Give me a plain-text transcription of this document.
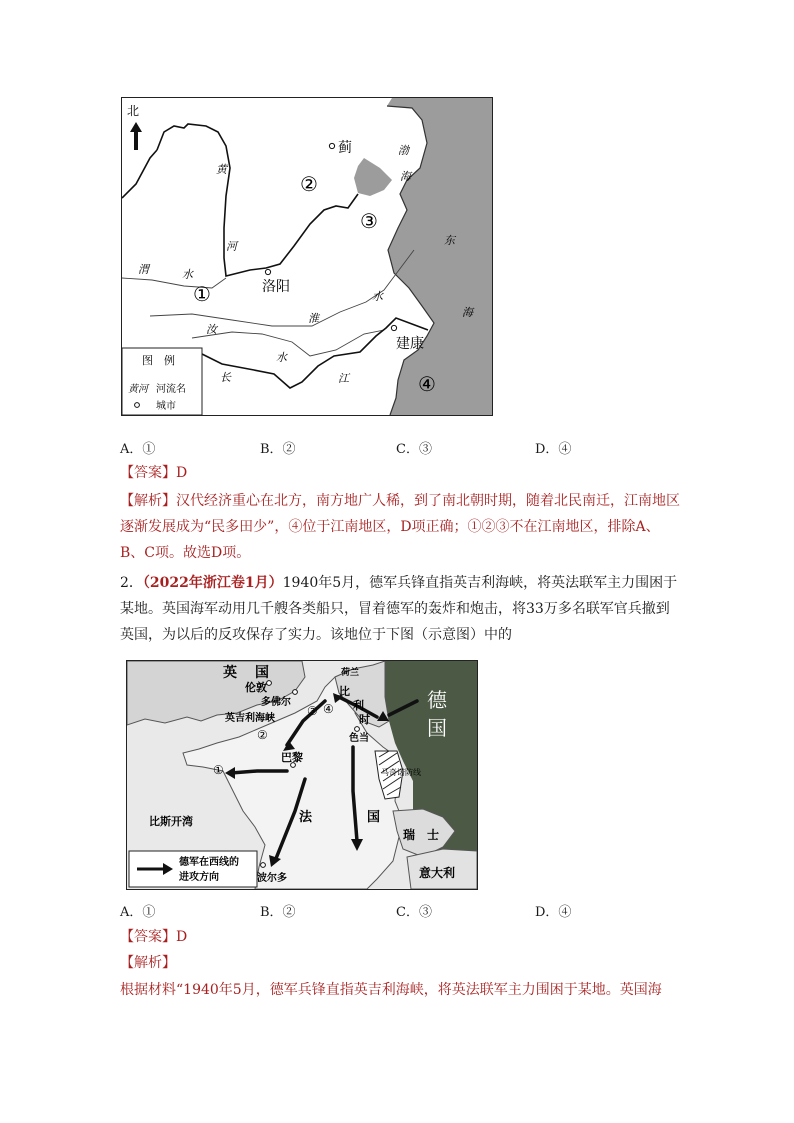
北
蓟
洛阳
建康
黄
河
渭	水
淮
水
汝
水
长	江
渤
海
东
海
①
②
③
④
图　例
黄河 河流名
城市
A．①	B．②	C．③	D．④
【答案】D
【解析】汉代经济重心在北方，南方地广人稀，到了南北朝时期，随着北民南迁，江南地区逐渐发展成为“民多田少”，④位于江南地区，D项正确；①②③不在江南地区，排除A、B、C项。故选D项。
2．（2022年浙江卷1月）1940年5月，德军兵锋直指英吉利海峡，将英法联军主力围困于某地。英国海军动用几千艘各类船只，冒着德军的轰炸和炮击，将33万多名联军官兵撤到英国，为以后的反攻保存了实力。该地位于下图（示意图）中的
英 国
伦敦
多佛尔
英吉利海峡
荷兰
比
利
时
色当
德
国
巴黎
法	国
比斯开湾
波尔多
瑞 士
意大利
马奇诺防线
①
②
③ ④
德军在西线的
进攻方向
A．①	B．②	C．③	D．④
【答案】D
【解析】
根据材料“1940年5月，德军兵锋直指英吉利海峡，将英法联军主力围困于某地。英国海
